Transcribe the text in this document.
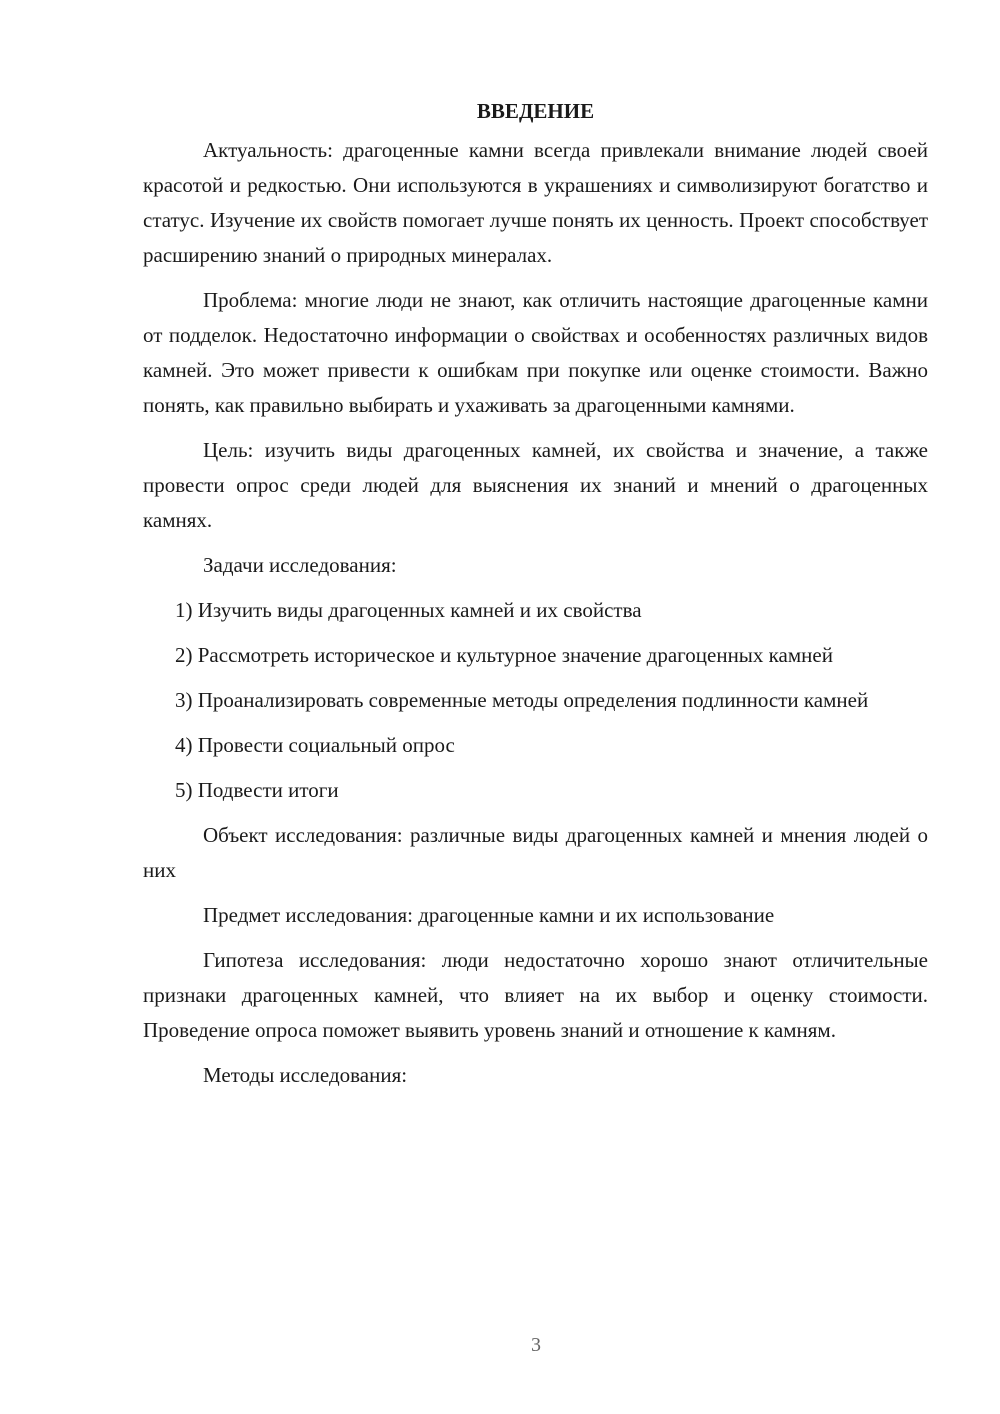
ВВЕДЕНИЕ

Актуальность: драгоценные камни всегда привлекали внимание людей своей красотой и редкостью. Они используются в украшениях и символизируют богатство и статус. Изучение их свойств помогает лучше понять их ценность. Проект способствует расширению знаний о природных минералах.

Проблема: многие люди не знают, как отличить настоящие драгоценные камни от подделок. Недостаточно информации о свойствах и особенностях различных видов камней. Это может привести к ошибкам при покупке или оценке стоимости. Важно понять, как правильно выбирать и ухаживать за драгоценными камнями.

Цель: изучить виды драгоценных камней, их свойства и значение, а также провести опрос среди людей для выяснения их знаний и мнений о драгоценных камнях.

Задачи исследования:

1) Изучить виды драгоценных камней и их свойства

2) Рассмотреть историческое и культурное значение драгоценных камней

3) Проанализировать современные методы определения подлинности камней

4) Провести социальный опрос

5) Подвести итоги

Объект исследования: различные виды драгоценных камней и мнения людей о них

Предмет исследования: драгоценные камни и их использование

Гипотеза исследования: люди недостаточно хорошо знают отличительные признаки драгоценных камней, что влияет на их выбор и оценку стоимости. Проведение опроса поможет выявить уровень знаний и отношение к камням.

Методы исследования:

3
